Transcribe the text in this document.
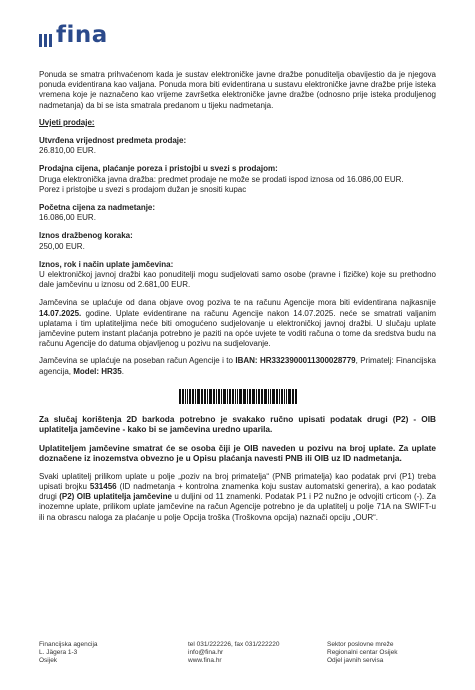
fina

Ponuda se smatra prihvaćenom kada je sustav elektroničke javne dražbe ponuditelja obavijestio da je njegova ponuda evidentirana kao valjana. Ponuda mora biti evidentirana u sustavu elektroničke javne dražbe prije isteka vremena koje je naznačeno kao vrijeme završetka elektroničke javne dražbe (odnosno prije isteka produljenog nadmetanja) da bi se ista smatrala predanom u tijeku nadmetanja.

Uvjeti prodaje:
Utvrđena vrijednost predmeta prodaje:
26.810,00 EUR.
Prodajna cijena, plaćanje poreza i pristojbi u svezi s prodajom:
Druga elektronička javna dražba: predmet prodaje ne može se prodati ispod iznosa od 16.086,00 EUR.
Porez i pristojbe u svezi s prodajom dužan je snositi kupac
Početna cijena za nadmetanje:
16.086,00 EUR.
Iznos dražbenog koraka:
250,00 EUR.
Iznos, rok i način uplate jamčevina:
U elektroničkoj javnoj dražbi kao ponuditelji mogu sudjelovati samo osobe (pravne i fizičke) koje su prethodno dale jamčevinu u iznosu od 2.681,00 EUR.

Jamčevina se uplaćuje od dana objave ovog poziva te na računu Agencije mora biti evidentirana najkasnije 14.07.2025. godine. Uplate evidentirane na računu Agencije nakon 14.07.2025. neće se smatrati valjanim uplatama i tim uplatiteljima neće biti omogućeno sudjelovanje u elektroničkoj javnoj dražbi. U slučaju uplate jamčevine putem instant plaćanja potrebno je paziti na opće uvjete te voditi računa o tome da sredstva budu na računu Agencije do datuma objavljenog u pozivu na sudjelovanje.

Jamčevina se uplaćuje na poseban račun Agencije i to IBAN: HR3323900011300028779, Primatelj: Financijska agencija, Model: HR35.

Za slučaj korištenja 2D barkoda potrebno je svakako ručno upisati podatak drugi (P2) - OIB uplatitelja jamčevine - kako bi se jamčevina uredno uparila.

Uplatiteljem jamčevine smatrat će se osoba čiji je OIB naveden u pozivu na broj uplate. Za uplate doznačene iz inozemstva obvezno je u Opisu plaćanja navesti PNB ili OIB uz ID nadmetanja.

Svaki uplatitelj prilikom uplate u polje „poziv na broj primatelja“ (PNB primatelja) kao podatak prvi (P1) treba upisati brojku 531456 (ID nadmetanja + kontrolna znamenka koju sustav automatski generira), a kao podatak drugi (P2) OIB uplatitelja jamčevine u duljini od 11 znamenki. Podatak P1 i P2 nužno je odvojiti crticom (-). Za inozemne uplate, prilikom uplate jamčevine na račun Agencije potrebno je da uplatitelj u polje 71A na SWIFT-u ili na obrascu naloga za plaćanje u polje Opcija troška (Troškovna opcija) naznači opciju „OUR“.

Financijska agencija
L. Jägera 1-3
Osijek
tel 031/222226, fax 031/222220
info@fina.hr
www.fina.hr
Sektor poslovne mreže
Regionalni centar Osijek
Odjel javnih servisa
